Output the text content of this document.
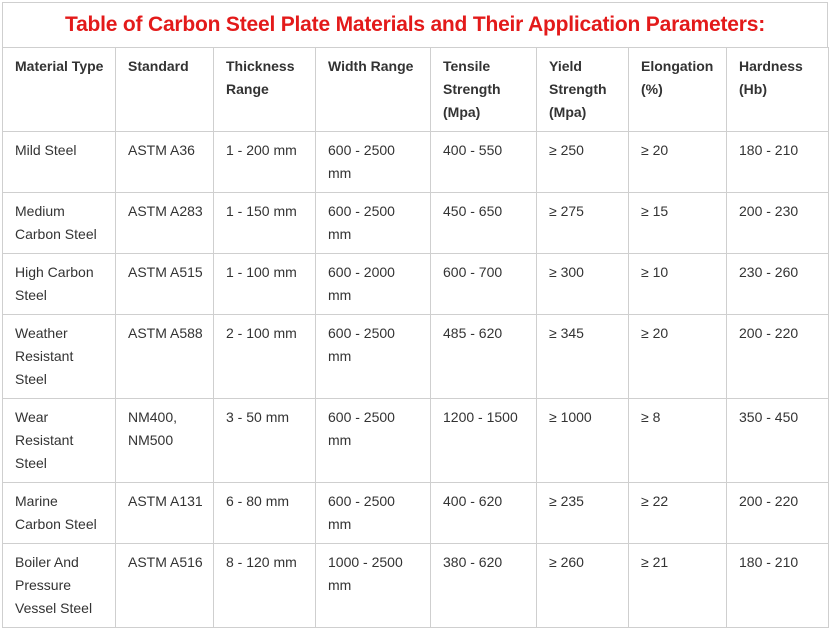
Table of Carbon Steel Plate Materials and Their Application Parameters:
Material Type	Standard	Thickness Range	Width Range	Tensile Strength (Mpa)	Yield Strength (Mpa)	Elongation (%)	Hardness (Hb)
Mild Steel	ASTM A36	1 - 200 mm	600 - 2500 mm	400 - 550	≥ 250	≥ 20	180 - 210
Medium Carbon Steel	ASTM A283	1 - 150 mm	600 - 2500 mm	450 - 650	≥ 275	≥ 15	200 - 230
High Carbon Steel	ASTM A515	1 - 100 mm	600 - 2000 mm	600 - 700	≥ 300	≥ 10	230 - 260
Weather Resistant Steel	ASTM A588	2 - 100 mm	600 - 2500 mm	485 - 620	≥ 345	≥ 20	200 - 220
Wear Resistant Steel	NM400, NM500	3 - 50 mm	600 - 2500 mm	1200 - 1500	≥ 1000	≥ 8	350 - 450
Marine Carbon Steel	ASTM A131	6 - 80 mm	600 - 2500 mm	400 - 620	≥ 235	≥ 22	200 - 220
Boiler And Pressure Vessel Steel	ASTM A516	8 - 120 mm	1000 - 2500 mm	380 - 620	≥ 260	≥ 21	180 - 210
